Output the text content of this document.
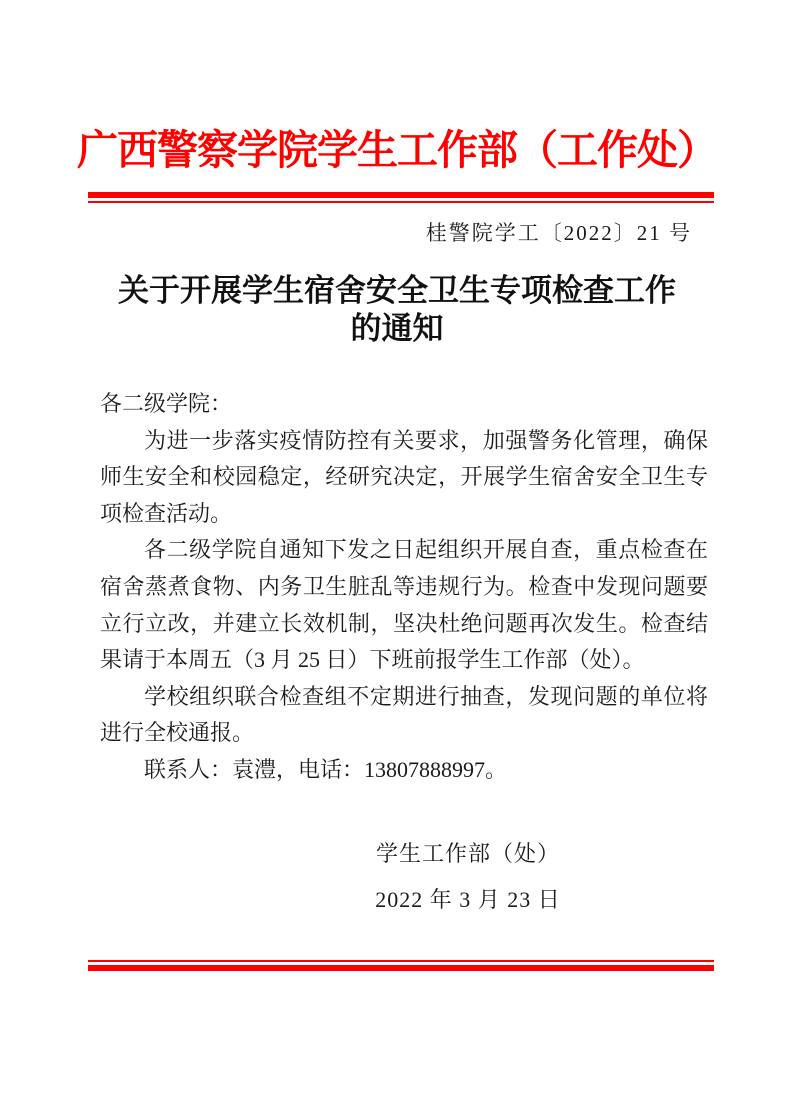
广西警察学院学生工作部（工作处）
桂警院学工〔2022〕21 号
关于开展学生宿舍安全卫生专项检查工作
的通知

各二级学院：

为进一步落实疫情防控有关要求，加强警务化管理，确保师生安全和校园稳定，经研究决定，开展学生宿舍安全卫生专项检查活动。

各二级学院自通知下发之日起组织开展自查，重点检查在宿舍蒸煮食物、内务卫生脏乱等违规行为。检查中发现问题要立行立改，并建立长效机制，坚决杜绝问题再次发生。检查结果请于本周五（3 月 25 日）下班前报学生工作部（处）。

学校组织联合检查组不定期进行抽查，发现问题的单位将进行全校通报。

联系人：袁澧，电话：13807888997。

学生工作部（处）
2022 年 3 月 23 日
